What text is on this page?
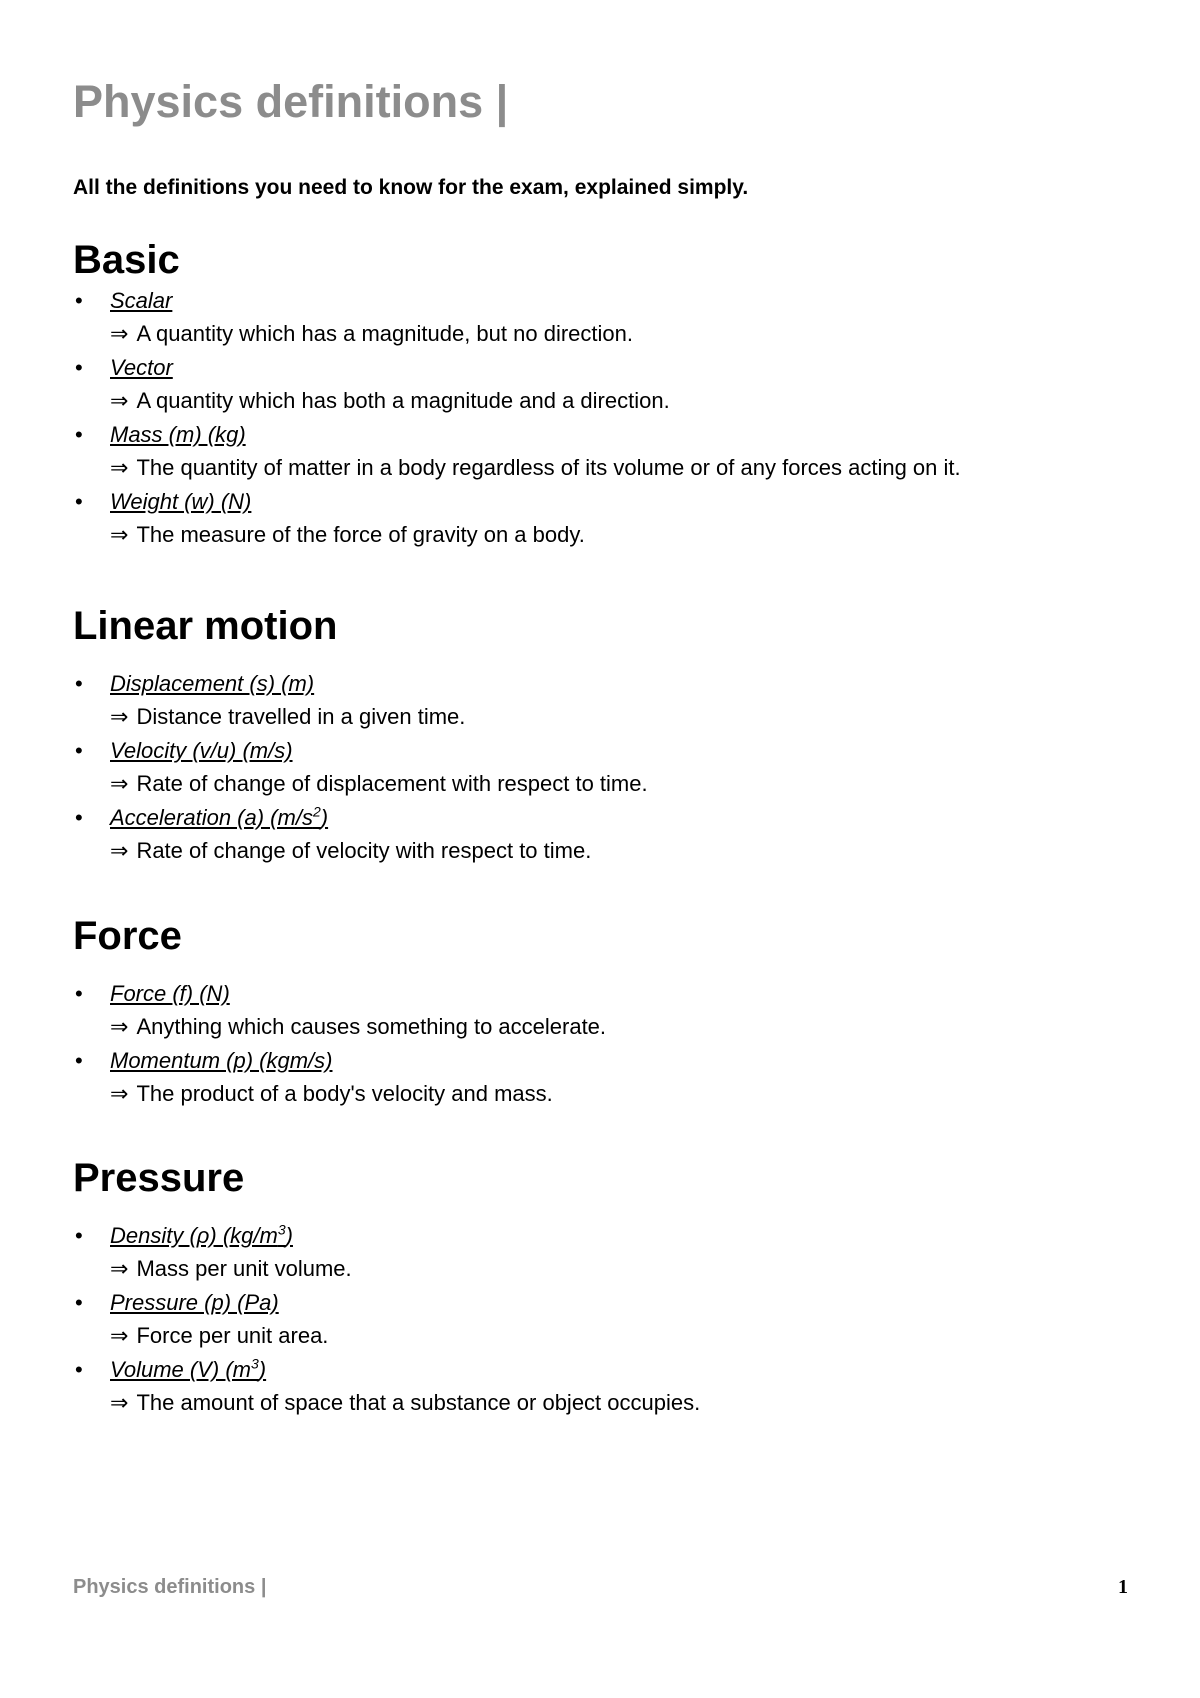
Physics definitions |

All the definitions you need to know for the exam, explained simply.

Basic
• Scalar
⇒ A quantity which has a magnitude, but no direction.
• Vector
⇒ A quantity which has both a magnitude and a direction.
• Mass (m) (kg)
⇒ The quantity of matter in a body regardless of its volume or of any forces acting on it.
• Weight (w) (N)
⇒ The measure of the force of gravity on a body.
Linear motion
• Displacement (s) (m)
⇒ Distance travelled in a given time.
• Velocity (v/u) (m/s)
⇒ Rate of change of displacement with respect to time.
• Acceleration (a) $(m/s^2)$
⇒ Rate of change of velocity with respect to time.
Force
• Force (f) (N)
⇒ Anything which causes something to accelerate.
• Momentum (p) (kgm/s)
⇒ The product of a body's velocity and mass.
Pressure
• Density (ρ) $(kg/m^3)$
⇒ Mass per unit volume.
• Pressure (p) (Pa)
⇒ Force per unit area.
• Volume (V) $(m^3)$
⇒ The amount of space that a substance or object occupies.
Physics definitions |	1
